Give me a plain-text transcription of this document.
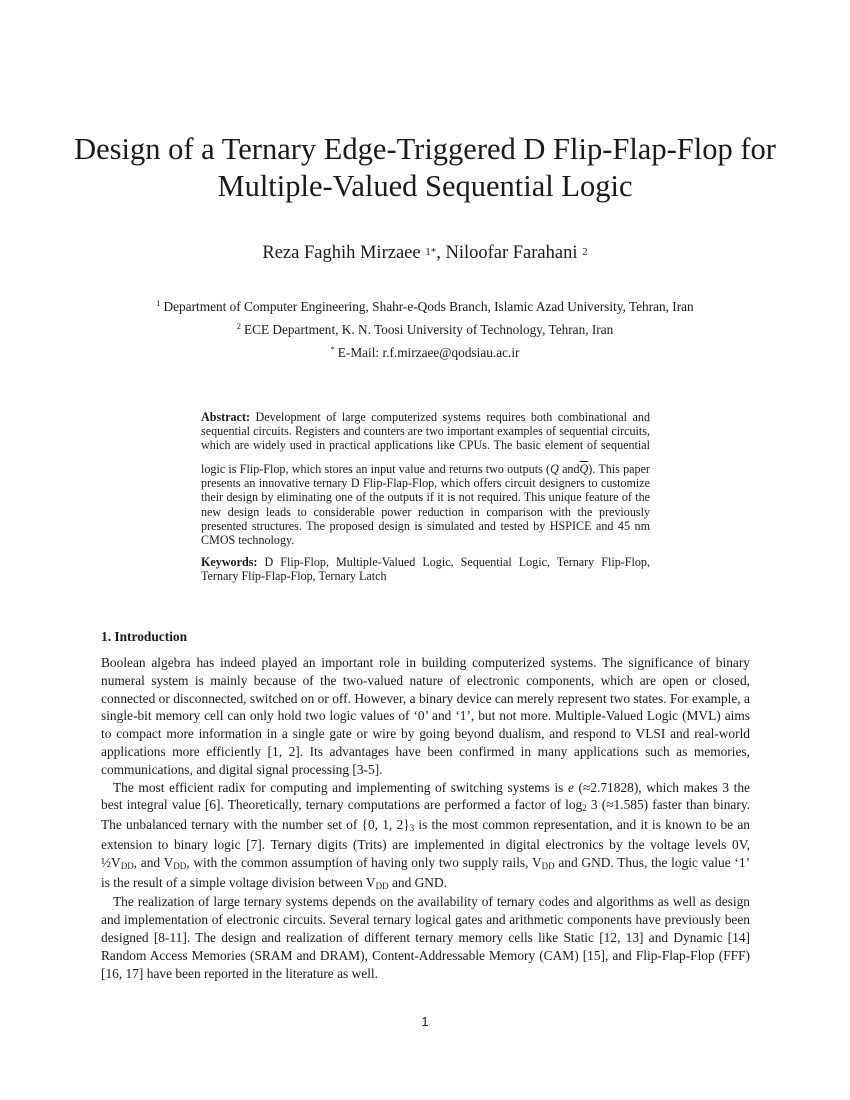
Design of a Ternary Edge-Triggered D Flip-Flap-Flop for
Multiple-Valued Sequential Logic
Reza Faghih Mirzaee $^{1*}$, Niloofar Farahani $^2$
$^1$ Department of Computer Engineering, Shahr-e-Qods Branch, Islamic Azad University, Tehran, Iran
$^2$ ECE Department, K. N. Toosi University of Technology, Tehran, Iran
* E-Mail: r.f.mirzaee@qodsiau.ac.ir
Abstract: Development of large computerized systems requires both combinational and sequential circuits. Registers and counters are two important examples of sequential circuits, which are widely used in practical applications like CPUs. The basic element of sequential logic is Flip-Flop, which stores an input value and returns two outputs (Q $and\overline{Q}$). This paper presents an innovative ternary D Flip-Flap-Flop, which offers circuit designers to customize their design by eliminating one of the outputs if it is not required. This unique feature of the new design leads to considerable power reduction in comparison with the previously presented structures. The proposed design is simulated and tested by HSPICE and 45 nm CMOS technology.
Keywords: D Flip-Flop, Multiple-Valued Logic, Sequential Logic, Ternary Flip-Flop, Ternary Flip-Flap-Flop, Ternary Latch
1. Introduction

Boolean algebra has indeed played an important role in building computerized systems. The significance of binary numeral system is mainly because of the two-valued nature of electronic components, which are open or closed, connected or disconnected, switched on or off. However, a binary device can merely represent two states. For example, a single-bit memory cell can only hold two logic values of ‘0’ and ‘1’, but not more. Multiple-Valued Logic (MVL) aims to compact more information in a single gate or wire by going beyond dualism, and respond to VLSI and real-world applications more efficiently [1, 2]. Its advantages have been confirmed in many applications such as memories, communications, and digital signal processing [3-5].

The most efficient radix for computing and implementing of switching systems is e (≈2.71828), which makes 3 the best integral value [6]. Theoretically, ternary computations are performed a factor of $\log_2 3$ (≈1.585) faster than binary. The unbalanced ternary with the number set of {0, 1, $2\}_3$ is the most common representation, and it is known to be an extension to binary logic [7]. Ternary digits (Trits) are implemented in digital electronics by the voltage levels 0V, $\frac{1}{2}V_{DD}$, and $V_{DD}$, with the common assumption of having only two supply rails, $V_{DD}$ and GND. Thus, the logic value ‘1’ is the result of a simple voltage division between $V_{DD}$ and GND.

The realization of large ternary systems depends on the availability of ternary codes and algorithms as well as design and implementation of electronic circuits. Several ternary logical gates and arithmetic components have previously been designed [8-11]. The design and realization of different ternary memory cells like Static [12, 13] and Dynamic [14] Random Access Memories (SRAM and DRAM), Content-Addressable Memory (CAM) [15], and Flip-Flap-Flop (FFF) [16, 17] have been reported in the literature as well.

1
